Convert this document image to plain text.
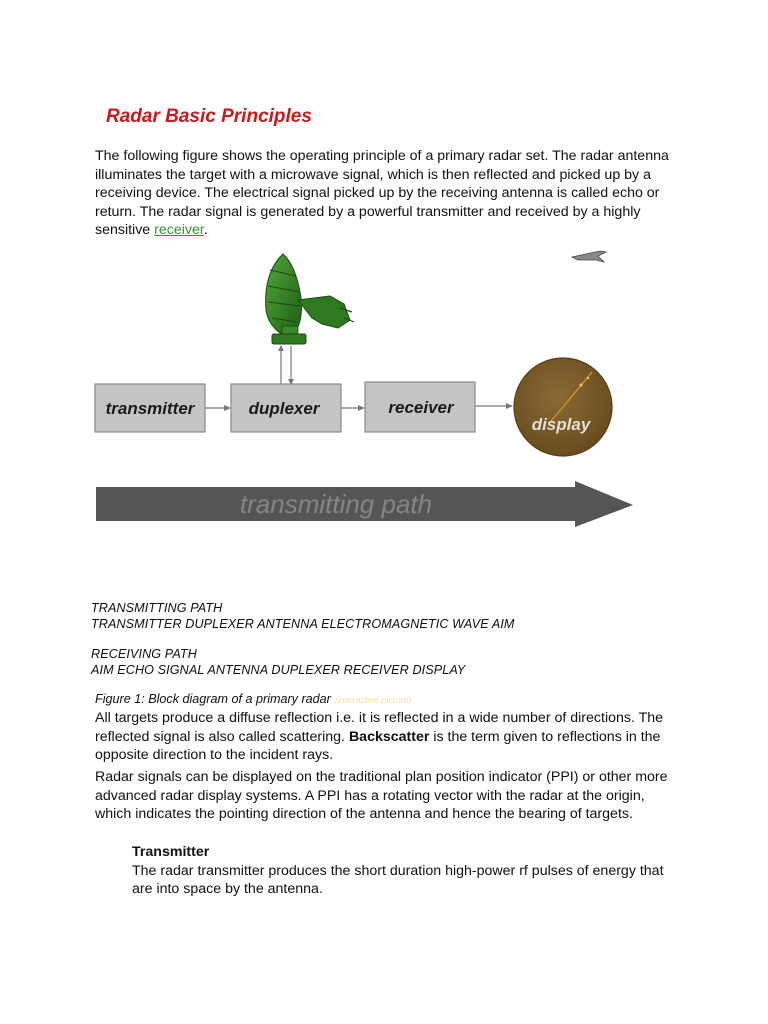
Radar Basic Principles
The following figure shows the operating principle of a primary radar set. The radar antenna illuminates the target with a microwave signal, which is then reflected and picked up by a receiving device. The electrical signal picked up by the receiving antenna is called echo or return. The radar signal is generated by a powerful transmitter and received by a highly sensitive receiver.
transmitter	duplexer	receiver
display
transmitting path
TRANSMITTING PATH
TRANSMITTER DUPLEXER ANTENNA ELECTROMAGNETIC WAVE AIM
RECEIVING PATH
AIM ECHO SIGNAL ANTENNA DUPLEXER RECEIVER DISPLAY
Figure 1: Block diagram of a primary radar (interactive picture)
All targets produce a diffuse reflection i.e. it is reflected in a wide number of directions. The reflected signal is also called scattering. Backscatter is the term given to reflections in the opposite direction to the incident rays.
Radar signals can be displayed on the traditional plan position indicator (PPI) or other more advanced radar display systems. A PPI has a rotating vector with the radar at the origin, which indicates the pointing direction of the antenna and hence the bearing of targets.
Transmitter
The radar transmitter produces the short duration high-power rf pulses of energy that are into space by the antenna.
